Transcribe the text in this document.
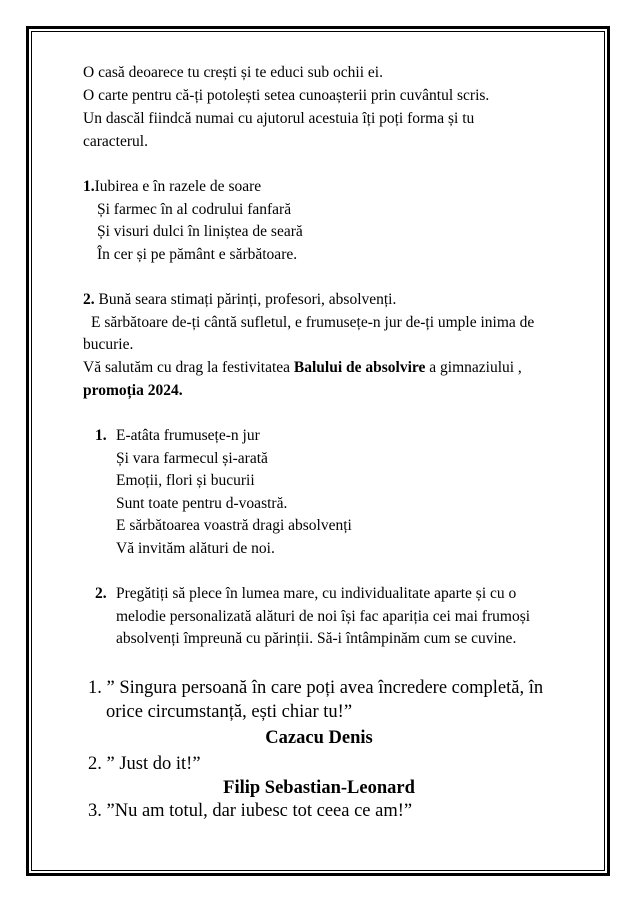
O casă deoarece tu crești și te educi sub ochii ei.
O carte pentru că-ți potolești setea cunoașterii prin cuvântul scris.
Un dascăl fiindcă numai cu ajutorul acestuia îți poți forma și tu
caracterul.
1.Iubirea e în razele de soare
Și farmec în al codrului fanfară
Și visuri dulci în liniștea de seară
În cer și pe pământ e sărbătoare.
2. Bună seara stimați părinți, profesori, absolvenți.
E sărbătoare de-ți cântă sufletul, e frumusețe-n jur de-ți umple inima de
bucurie.
Vă salutăm cu drag la festivitatea Balului de absolvire a gimnaziului ,
promoția 2024.
1. E-atâta frumusețe-n jur
Și vara farmecul și-arată
Emoții, flori și bucurii
Sunt toate pentru d-voastră.
E sărbătoarea voastră dragi absolvenți
Vă invităm alături de noi.
2. Pregătiți să plece în lumea mare, cu individualitate aparte și cu o
melodie personalizată alături de noi își fac apariția cei mai frumoși
absolvenți împreună cu părinții. Să-i întâmpinăm cum se cuvine.
1. ” Singura persoană în care poți avea încredere completă, în
orice circumstanță, ești chiar tu!”
Cazacu Denis
2. ” Just do it!”
Filip Sebastian-Leonard
3. ”Nu am totul, dar iubesc tot ceea ce am!”
